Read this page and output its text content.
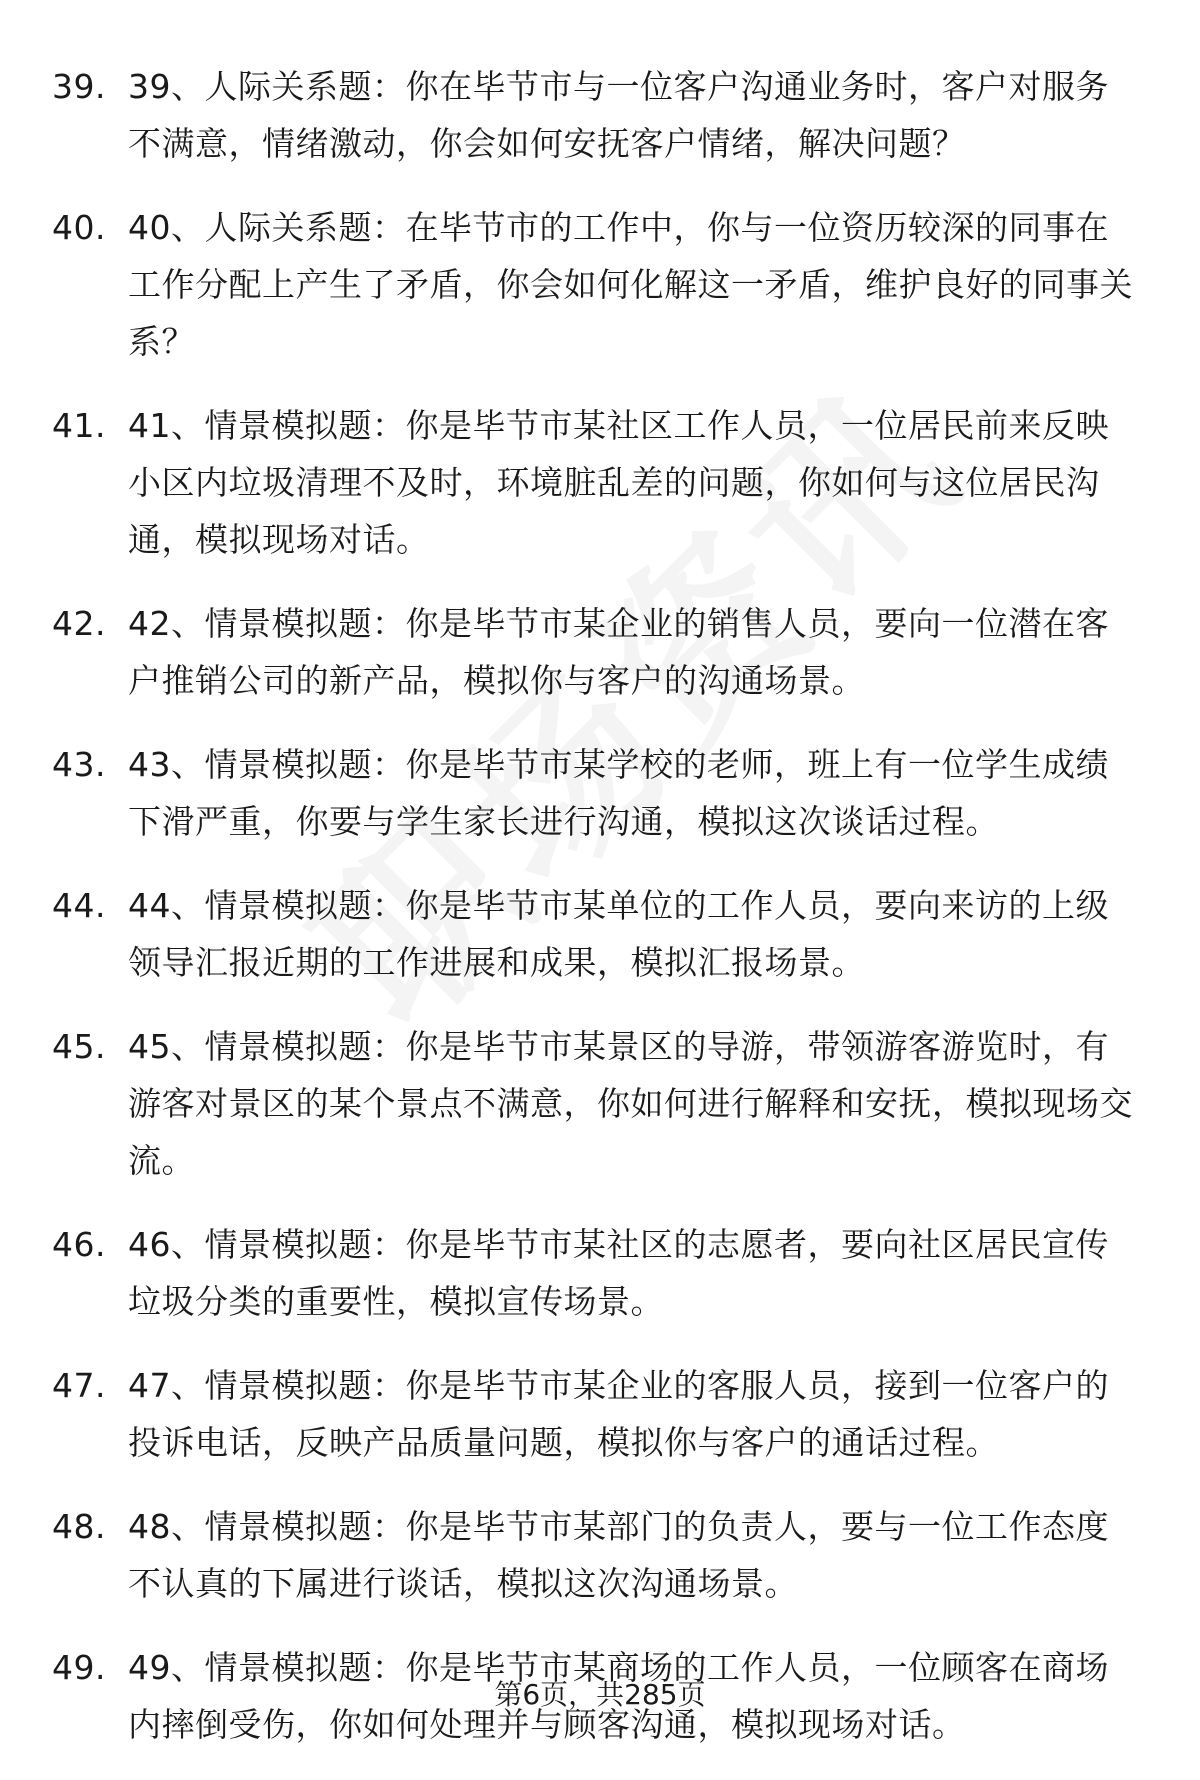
39. 39、人际关系题：你在毕节市与一位客户沟通业务时，客户对服务不满意，情绪激动，你会如何安抚客户情绪，解决问题？
40. 40、人际关系题：在毕节市的工作中，你与一位资历较深的同事在工作分配上产生了矛盾，你会如何化解这一矛盾，维护良好的同事关系？
41. 41、情景模拟题：你是毕节市某社区工作人员，一位居民前来反映小区内垃圾清理不及时，环境脏乱差的问题，你如何与这位居民沟通，模拟现场对话。
42. 42、情景模拟题：你是毕节市某企业的销售人员，要向一位潜在客户推销公司的新产品，模拟你与客户的沟通场景。
43. 43、情景模拟题：你是毕节市某学校的老师，班上有一位学生成绩下滑严重，你要与学生家长进行沟通，模拟这次谈话过程。
44. 44、情景模拟题：你是毕节市某单位的工作人员，要向来访的上级领导汇报近期的工作进展和成果，模拟汇报场景。
45. 45、情景模拟题：你是毕节市某景区的导游，带领游客游览时，有游客对景区的某个景点不满意，你如何进行解释和安抚，模拟现场交流。
46. 46、情景模拟题：你是毕节市某社区的志愿者，要向社区居民宣传垃圾分类的重要性，模拟宣传场景。
47. 47、情景模拟题：你是毕节市某企业的客服人员，接到一位客户的投诉电话，反映产品质量问题，模拟你与客户的通话过程。
48. 48、情景模拟题：你是毕节市某部门的负责人，要与一位工作态度不认真的下属进行谈话，模拟这次沟通场景。
49. 49、情景模拟题：你是毕节市某商场的工作人员，一位顾客在商场内摔倒受伤，你如何处理并与顾客沟通，模拟现场对话。
第6页，共285页
